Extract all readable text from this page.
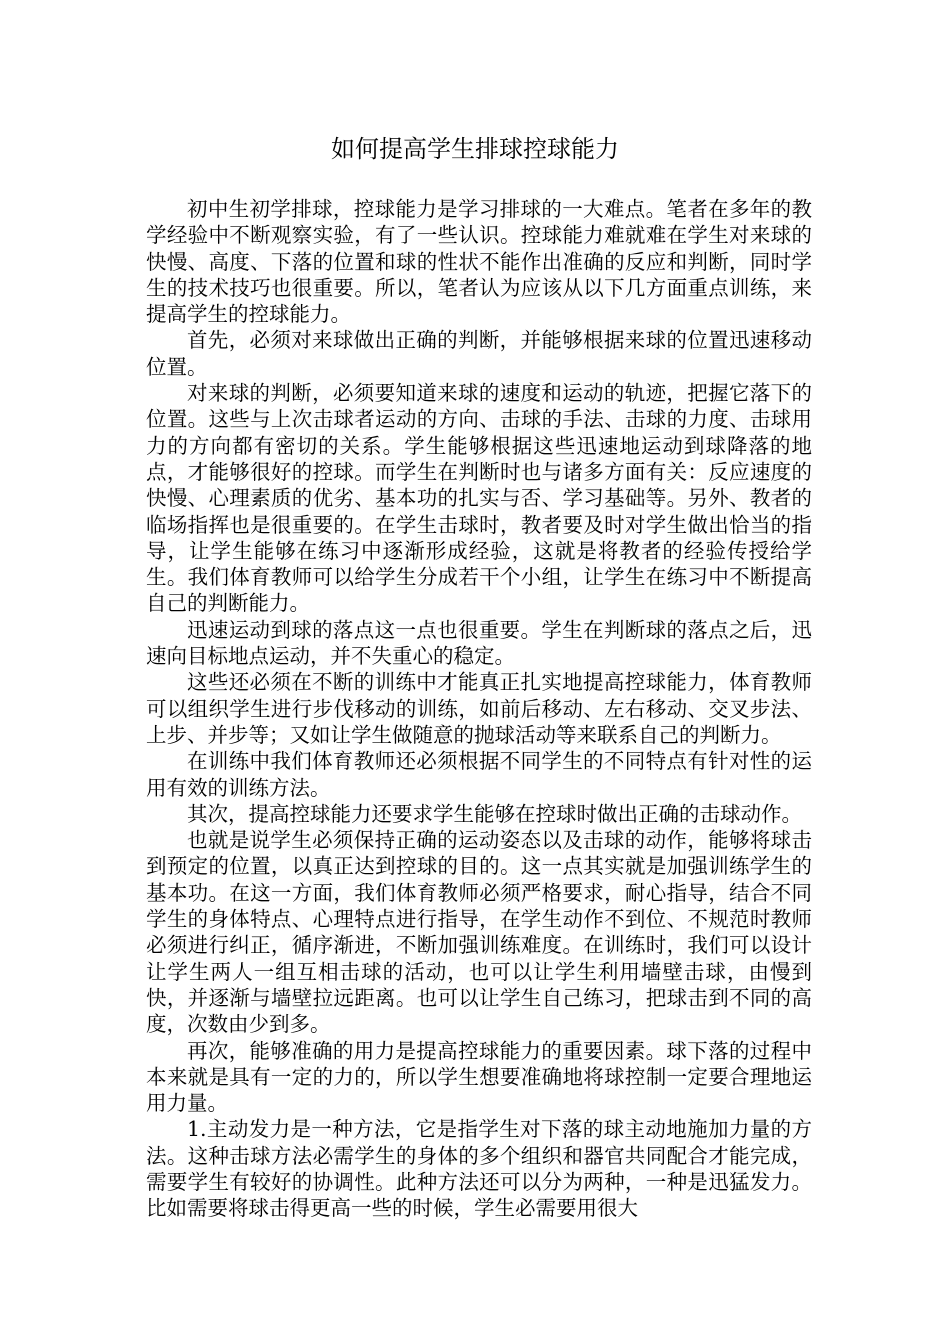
如何提高学生排球控球能力

初中生初学排球，控球能力是学习排球的一大难点。笔者在多年的教学经验中不断观察实验，有了一些认识。控球能力难就难在学生对来球的快慢、高度、下落的位置和球的性状不能作出准确的反应和判断，同时学生的技术技巧也很重要。所以，笔者认为应该从以下几方面重点训练，来提高学生的控球能力。

首先，必须对来球做出正确的判断，并能够根据来球的位置迅速移动位置。

对来球的判断，必须要知道来球的速度和运动的轨迹，把握它落下的位置。这些与上次击球者运动的方向、击球的手法、击球的力度、击球用力的方向都有密切的关系。学生能够根据这些迅速地运动到球降落的地点，才能够很好的控球。而学生在判断时也与诸多方面有关：反应速度的快慢、心理素质的优劣、基本功的扎实与否、学习基础等。另外、教者的临场指挥也是很重要的。在学生击球时，教者要及时对学生做出恰当的指导，让学生能够在练习中逐渐形成经验，这就是将教者的经验传授给学生。我们体育教师可以给学生分成若干个小组，让学生在练习中不断提高自己的判断能力。

迅速运动到球的落点这一点也很重要。学生在判断球的落点之后，迅速向目标地点运动，并不失重心的稳定。

这些还必须在不断的训练中才能真正扎实地提高控球能力，体育教师可以组织学生进行步伐移动的训练，如前后移动、左右移动、交叉步法、上步、并步等；又如让学生做随意的抛球活动等来联系自己的判断力。

在训练中我们体育教师还必须根据不同学生的不同特点有针对性的运用有效的训练方法。

其次，提高控球能力还要求学生能够在控球时做出正确的击球动作。

也就是说学生必须保持正确的运动姿态以及击球的动作，能够将球击到预定的位置，以真正达到控球的目的。这一点其实就是加强训练学生的基本功。在这一方面，我们体育教师必须严格要求，耐心指导，结合不同学生的身体特点、心理特点进行指导，在学生动作不到位、不规范时教师必须进行纠正，循序渐进，不断加强训练难度。在训练时，我们可以设计让学生两人一组互相击球的活动，也可以让学生利用墙壁击球，由慢到快，并逐渐与墙壁拉远距离。也可以让学生自己练习，把球击到不同的高度，次数由少到多。

再次，能够准确的用力是提高控球能力的重要因素。球下落的过程中本来就是具有一定的力的，所以学生想要准确地将球控制一定要合理地运用力量。

1.主动发力是一种方法，它是指学生对下落的球主动地施加力量的方法。这种击球方法必需学生的身体的多个组织和器官共同配合才能完成，需要学生有较好的协调性。此种方法还可以分为两种，一种是迅猛发力。比如需要将球击得更高一些的时候，学生必需要用很大
